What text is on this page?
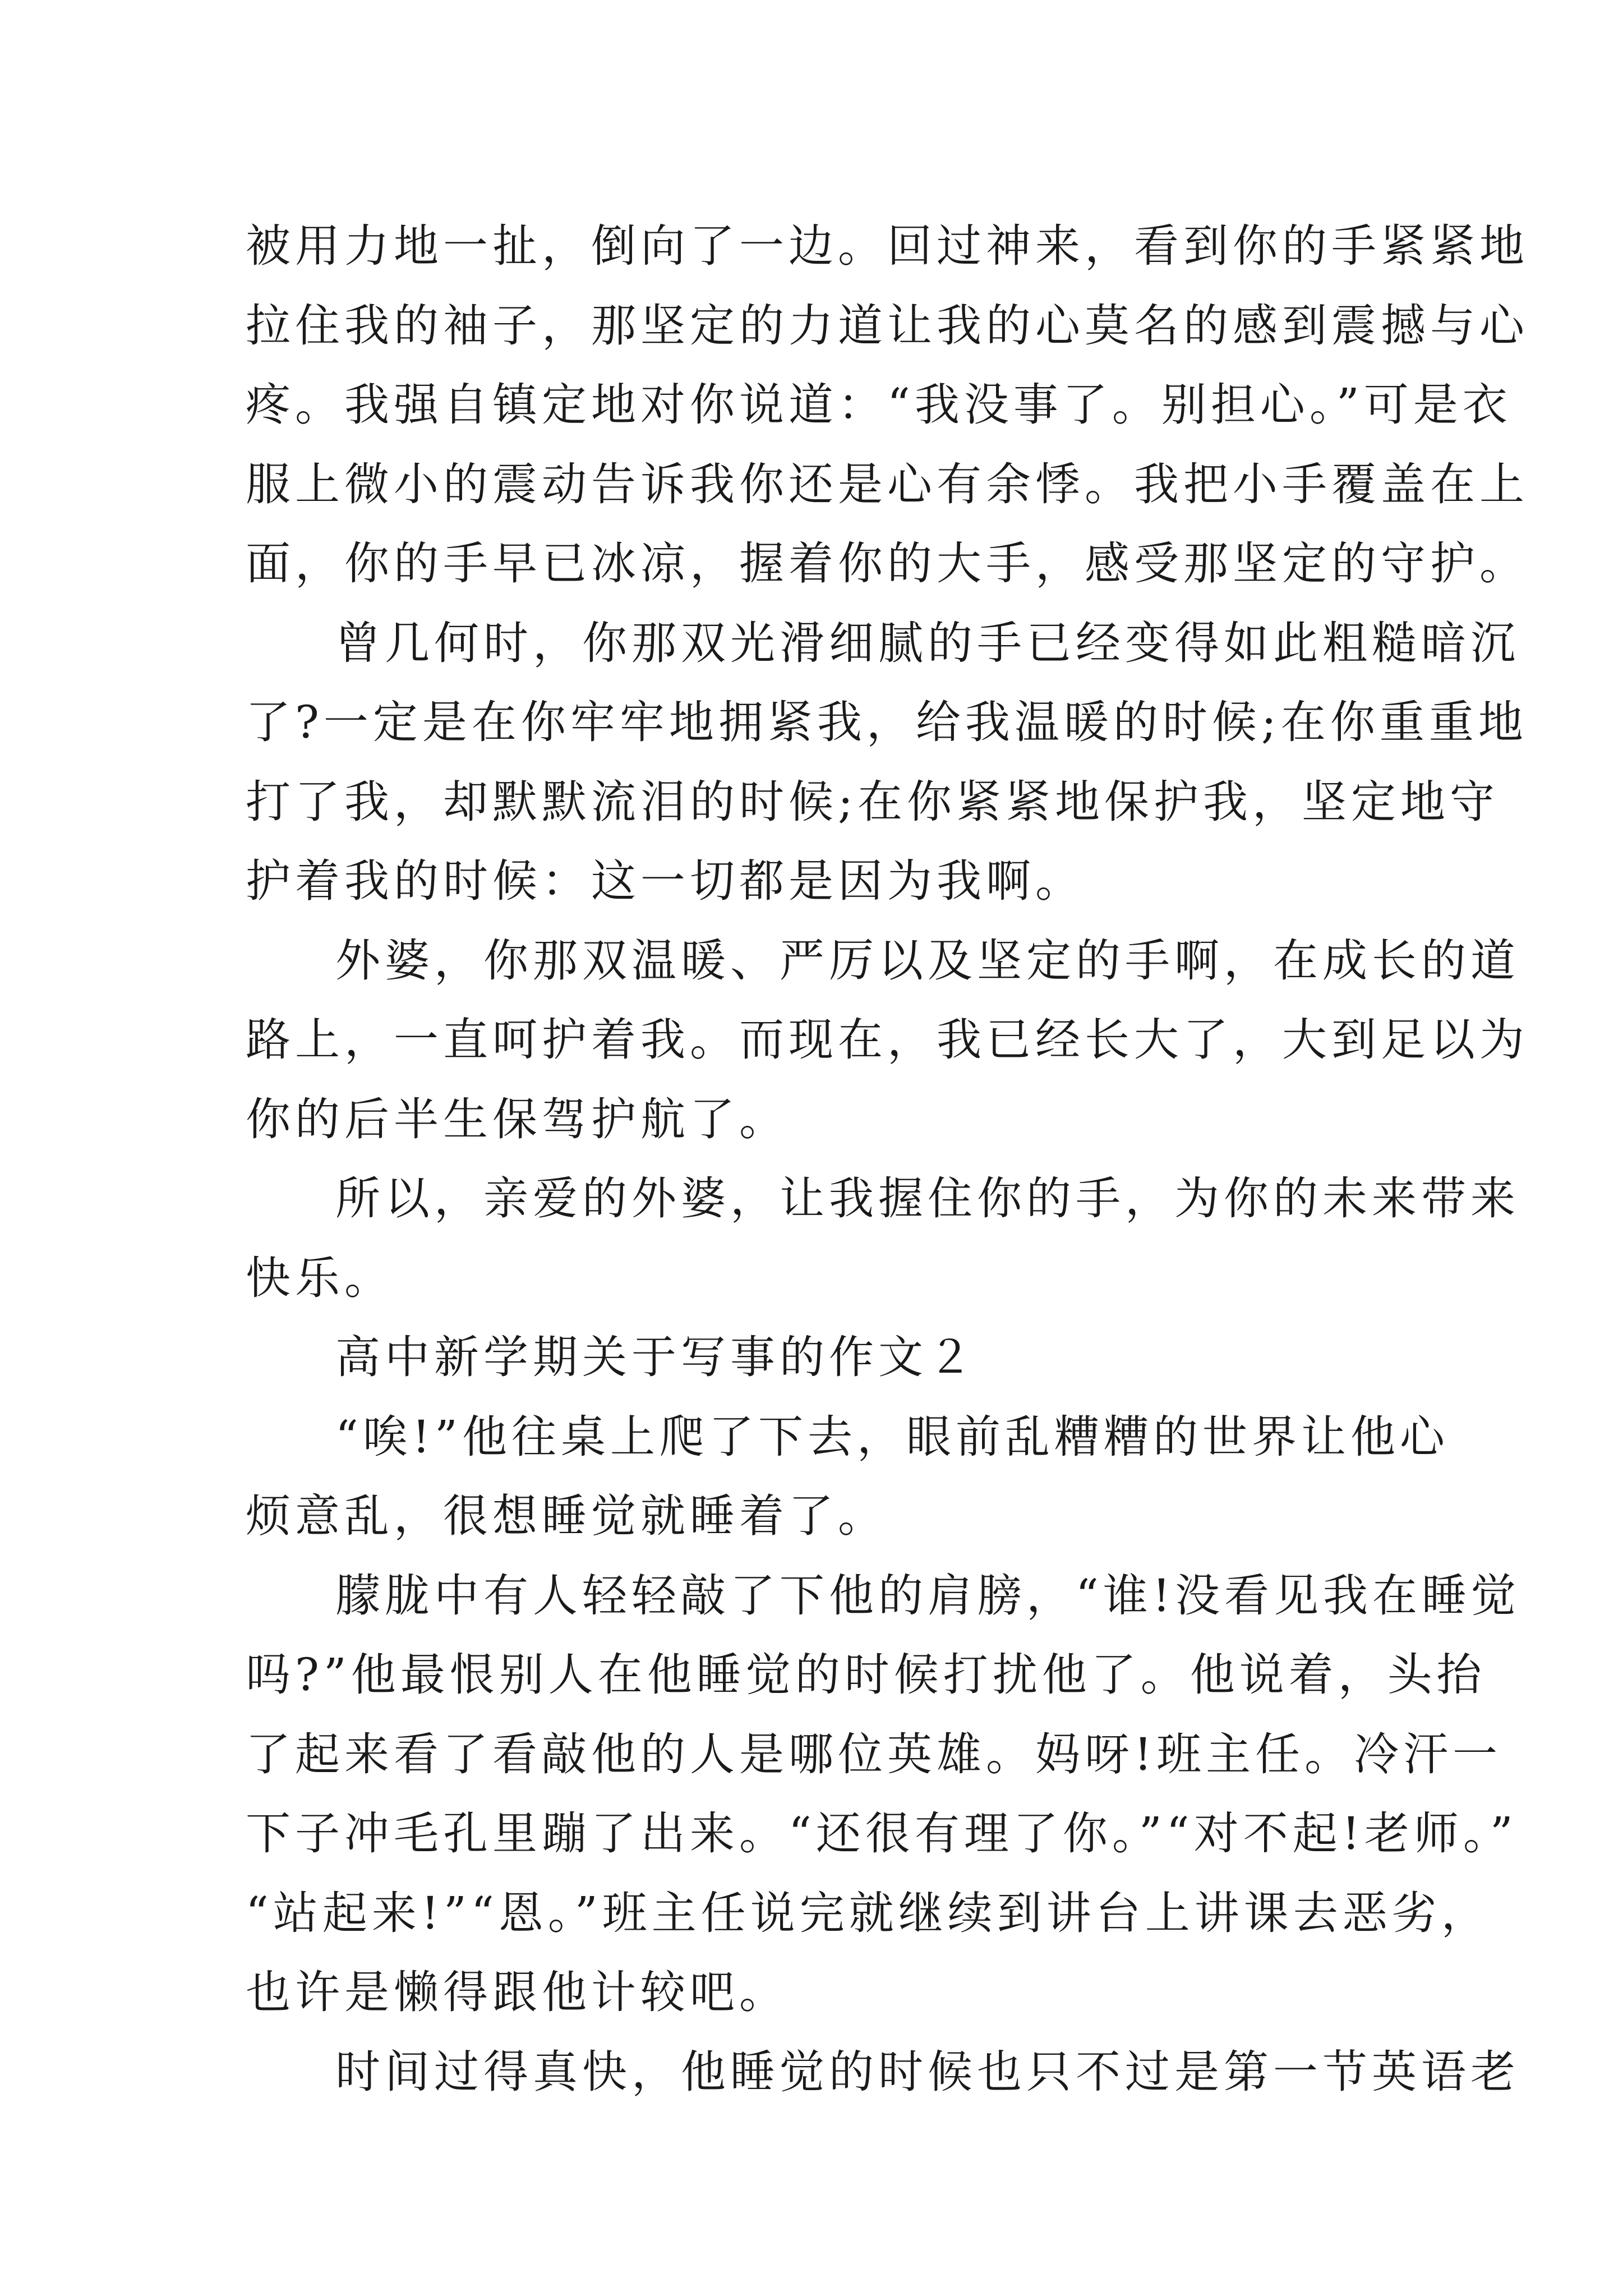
被用力地一扯，倒向了一边。回过神来，看到你的手紧紧地
拉住我的袖子，那坚定的力道让我的心莫名的感到震撼与心
疼。我强自镇定地对你说道：“我没事了。别担心。”可是衣
服上微小的震动告诉我你还是心有余悸。我把小手覆盖在上
面，你的手早已冰凉，握着你的大手，感受那坚定的守护。
曾几何时，你那双光滑细腻的手已经变得如此粗糙暗沉
了?一定是在你牢牢地拥紧我，给我温暖的时候;在你重重地
打了我，却默默流泪的时候;在你紧紧地保护我，坚定地守
护着我的时候：这一切都是因为我啊。
外婆，你那双温暖、严厉以及坚定的手啊，在成长的道
路上，一直呵护着我。而现在，我已经长大了，大到足以为
你的后半生保驾护航了。
所以，亲爱的外婆，让我握住你的手，为你的未来带来
快乐。
高中新学期关于写事的作文２
“唉!”他往桌上爬了下去，眼前乱糟糟的世界让他心
烦意乱，很想睡觉就睡着了。
朦胧中有人轻轻敲了下他的肩膀，“谁!没看见我在睡觉
吗?”他最恨别人在他睡觉的时候打扰他了。他说着，头抬
了起来看了看敲他的人是哪位英雄。妈呀!班主任。冷汗一
下子冲毛孔里蹦了出来。“还很有理了你。”“对不起!老师。”
“站起来!”“恩。”班主任说完就继续到讲台上讲课去恶劣，
也许是懒得跟他计较吧。
时间过得真快，他睡觉的时候也只不过是第一节英语老
